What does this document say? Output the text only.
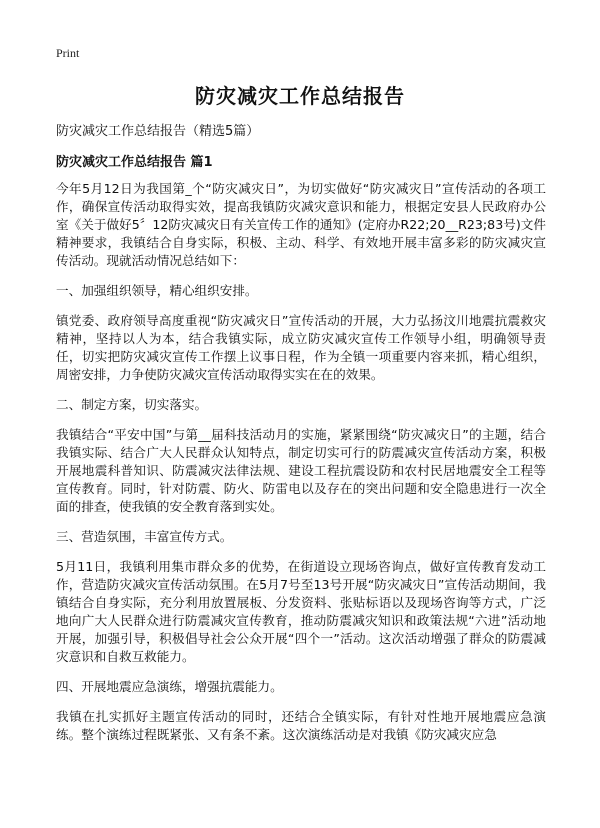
Print
防灾减灾工作总结报告
防灾减灾工作总结报告（精选5篇）
防灾减灾工作总结报告 篇1

今年5月12日为我国第_个“防灾减灾日”，为切实做好“防灾减灾日”宣传活动的各项工作，确保宣传活动取得实效，提高我镇防灾减灾意识和能力，根据定安县人民政府办公室《关于做好5〞12防灾减灾日有关宣传工作的通知》(定府办R22;20__R23;83号)文件精神要求，我镇结合自身实际，积极、主动、科学、有效地开展丰富多彩的防灾减灾宣传活动。现就活动情况总结如下：

一、加强组织领导，精心组织安排。

镇党委、政府领导高度重视“防灾减灾日”宣传活动的开展，大力弘扬汶川地震抗震救灾精神，坚持以人为本，结合我镇实际，成立防灾减灾宣传工作领导小组，明确领导责任，切实把防灾减灾宣传工作摆上议事日程，作为全镇一项重要内容来抓，精心组织，周密安排，力争使防灾减灾宣传活动取得实实在在的效果。

二、制定方案，切实落实。

我镇结合“平安中国”与第__届科技活动月的实施，紧紧围绕“防灾减灾日”的主题，结合我镇实际、结合广大人民群众认知特点，制定切实可行的防震减灾宣传活动方案，积极开展地震科普知识、防震减灾法律法规、建设工程抗震设防和农村民居地震安全工程等宣传教育。同时，针对防震、防火、防雷电以及存在的突出问题和安全隐患进行一次全面的排查，使我镇的安全教育落到实处。

三、营造氛围，丰富宣传方式。

5月11日，我镇利用集市群众多的优势，在街道设立现场咨询点，做好宣传教育发动工作，营造防灾减灾宣传活动氛围。在5月7号至13号开展“防灾减灾日”宣传活动期间，我镇结合自身实际，充分利用放置展板、分发资料、张贴标语以及现场咨询等方式，广泛地向广大人民群众进行防震减灾宣传教育，推动防震减灾知识和政策法规“六进”活动地开展，加强引导，积极倡导社会公众开展“四个一”活动。这次活动增强了群众的防震减灾意识和自救互救能力。

四、开展地震应急演练，增强抗震能力。

我镇在扎实抓好主题宣传活动的同时，还结合全镇实际，有针对性地开展地震应急演练。整个演练过程既紧张、又有条不紊。这次演练活动是对我镇《防灾减灾应急
